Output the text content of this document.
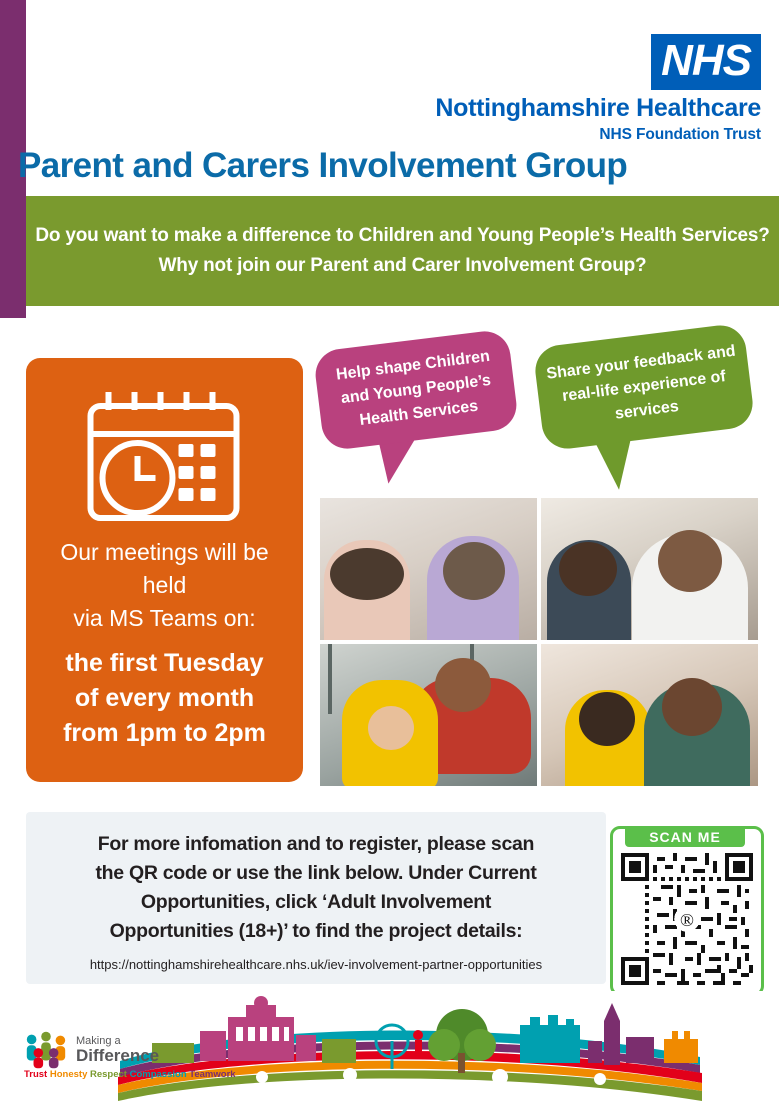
NHS
Nottinghamshire Healthcare
NHS Foundation Trust
Parent and Carers Involvement Group

Do you want to make a difference to Children and Young People’s Health Services?

Why not join our Parent and Carer Involvement Group?

Our meetings will be
held
via MS Teams on:
the first Tuesday
of every month
from 1pm to 2pm
Help shape Children and Young People’s Health Services
Share your feedback and real-life experience of services
For more infomation and to register, please scan
the QR code or use the link below. Under Current
Opportunities, click ‘Adult Involvement
Opportunities (18+)’ to find the project details:
https://nottinghamshirehealthcare.nhs.uk/iev-involvement-partner-opportunities
SCAN ME
®
Making a
Difference
Trust Honesty Respect Compassion Teamwork
